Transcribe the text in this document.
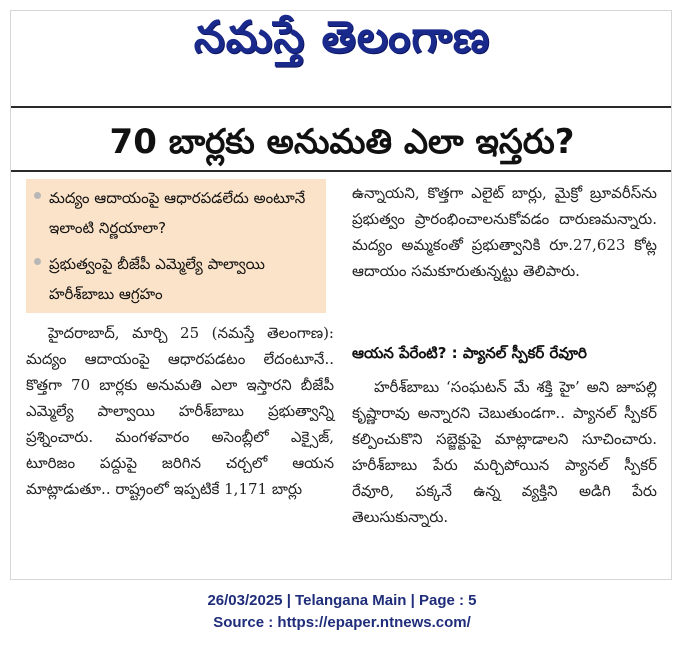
నమస్తే తెలంగాణ
70 బార్లకు అనుమతి ఎలా ఇస్తరు?
మద్యం ఆదాయంపై ఆధారపడలేదు అంటూనే ఇలాంటి నిర్ణయాలా?
ప్రభుత్వంపై బీజేపీ ఎమ్మెల్యే పాల్వాయి హరీశ్‌బాబు ఆగ్రహం

హైదరాబాద్, మార్చి 25 (నమస్తే తెలంగాణ): మద్యం ఆదాయంపై ఆధారపడటం లేదంటూనే.. కొత్తగా 70 బార్లకు అనుమతి ఎలా ఇస్తారని బీజేపీ ఎమ్మెల్యే పాల్వాయి హరీశ్‌బాబు ప్రభుత్వాన్ని ప్రశ్నించారు. మంగళవారం అసెంబ్లీలో ఎక్సైజ్, టూరిజం పద్దుపై జరిగిన చర్చలో ఆయన మాట్లాడుతూ.. రాష్ట్రంలో ఇప్పటికే 1,171 బార్లు

ఉన్నాయని, కొత్తగా ఎలైట్ బార్లు, మైక్రో బ్రూవరీస్‌ను ప్రభుత్వం ప్రారంభించాలనుకోవడం దారుణమన్నారు. మద్యం అమ్మకంతో ప్రభుత్వానికి రూ.27,623 కోట్ల ఆదాయం సమకూరుతున్నట్టు తెలిపారు.

ఆయన పేరేంటి? : ప్యానల్ స్పీకర్ రేవూరి

హరీశ్‌బాబు ‘సంఘటన్ మే శక్తి హై’ అని జూపల్లి కృష్ణారావు అన్నారని చెబుతుండగా.. ప్యానల్ స్పీకర్ కల్పించుకొని సబ్జెక్టుపై మాట్లాడాలని సూచించారు. హరీశ్‌బాబు పేరు మర్చిపోయిన ప్యానల్ స్పీకర్ రేవూరి, పక్కనే ఉన్న వ్యక్తిని అడిగి పేరు తెలుసుకున్నారు.

26/03/2025 | Telangana Main | Page : 5
Source : https://epaper.ntnews.com/
